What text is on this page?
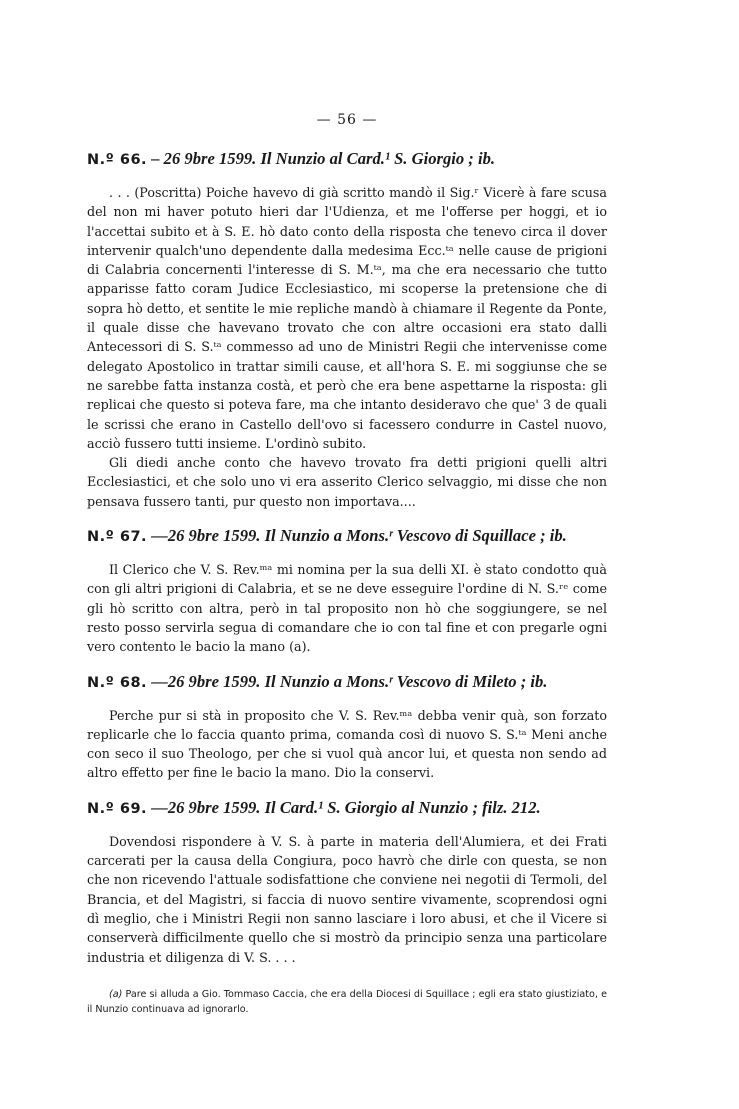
— 56 —
N.º 66. – 26 9bre 1599. Il Nunzio al Card.¹ S. Giorgio ; ib.

. . . (Poscritta) Poiche havevo di già scritto mandò il Sig.ʳ Vicerè à fare scusa del non mi haver potuto hieri dar l'Udienza, et me l'offerse per hoggi, et io l'accettai subito et à S. E. hò dato conto della risposta che tenevo circa il dover intervenir qualch'uno dependente dalla medesima Ecc.ᵗᵃ nelle cause de prigioni di Calabria concernenti l'interesse di S. M.ᵗᵃ, ma che era necessario che tutto apparisse fatto coram Judice Ecclesiastico, mi scoperse la pretensione che di sopra hò detto, et sentite le mie repliche mandò à chiamare il Regente da Ponte, il quale disse che havevano trovato che con altre occasioni era stato dalli Antecessori di S. S.ᵗᵃ commesso ad uno de Ministri Regii che intervenisse come delegato Apostolico in trattar simili cause, et all'hora S. E. mi soggiunse che se ne sarebbe fatta instanza costà, et però che era bene aspettarne la risposta: gli replicai che questo si poteva fare, ma che intanto desideravo che que' 3 de quali le scrissi che erano in Castello dell'ovo si facessero condurre in Castel nuovo, acciò fussero tutti insieme. L'ordinò subito.

Gli diedi anche conto che havevo trovato fra detti prigioni quelli altri Ecclesiastici, et che solo uno vi era asserito Clerico selvaggio, mi disse che non pensava fussero tanti, pur questo non importava....

N.º 67. —26 9bre 1599. Il Nunzio a Mons.ʳ Vescovo di Squillace ; ib.

Il Clerico che V. S. Rev.ᵐᵃ mi nomina per la sua delli XI. è stato condotto quà con gli altri prigioni di Calabria, et se ne deve esseguire l'ordine di N. S.ʳᵉ come gli hò scritto con altra, però in tal proposito non hò che soggiungere, se nel resto posso servirla segua di comandare che io con tal fine et con pregarle ogni vero contento le bacio la mano (a).

N.º 68. —26 9bre 1599. Il Nunzio a Mons.ʳ Vescovo di Mileto ; ib.

Perche pur si stà in proposito che V. S. Rev.ᵐᵃ debba venir quà, son forzato replicarle che lo faccia quanto prima, comanda così di nuovo S. S.ᵗᵃ Meni anche con seco il suo Theologo, per che si vuol quà ancor lui, et questa non sendo ad altro effetto per fine le bacio la mano. Dio la conservi.

N.º 69. —26 9bre 1599. Il Card.¹ S. Giorgio al Nunzio ; filz. 212.

Dovendosi rispondere à V. S. à parte in materia dell'Alumiera, et dei Frati carcerati per la causa della Congiura, poco havrò che dirle con questa, se non che non ricevendo l'attuale sodisfattione che conviene nei negotii di Termoli, del Brancia, et del Magistri, si faccia di nuovo sentire vivamente, scoprendosi ogni dì meglio, che i Ministri Regii non sanno lasciare i loro abusi, et che il Vicere si conserverà difficilmente quello che si mostrò da principio senza una particolare industria et diligenza di V. S. . . .

(a) Pare si alluda a Gio. Tommaso Caccia, che era della Diocesi di Squillace ; egli era stato giustiziato, e il Nunzio continuava ad ignorarlo.
